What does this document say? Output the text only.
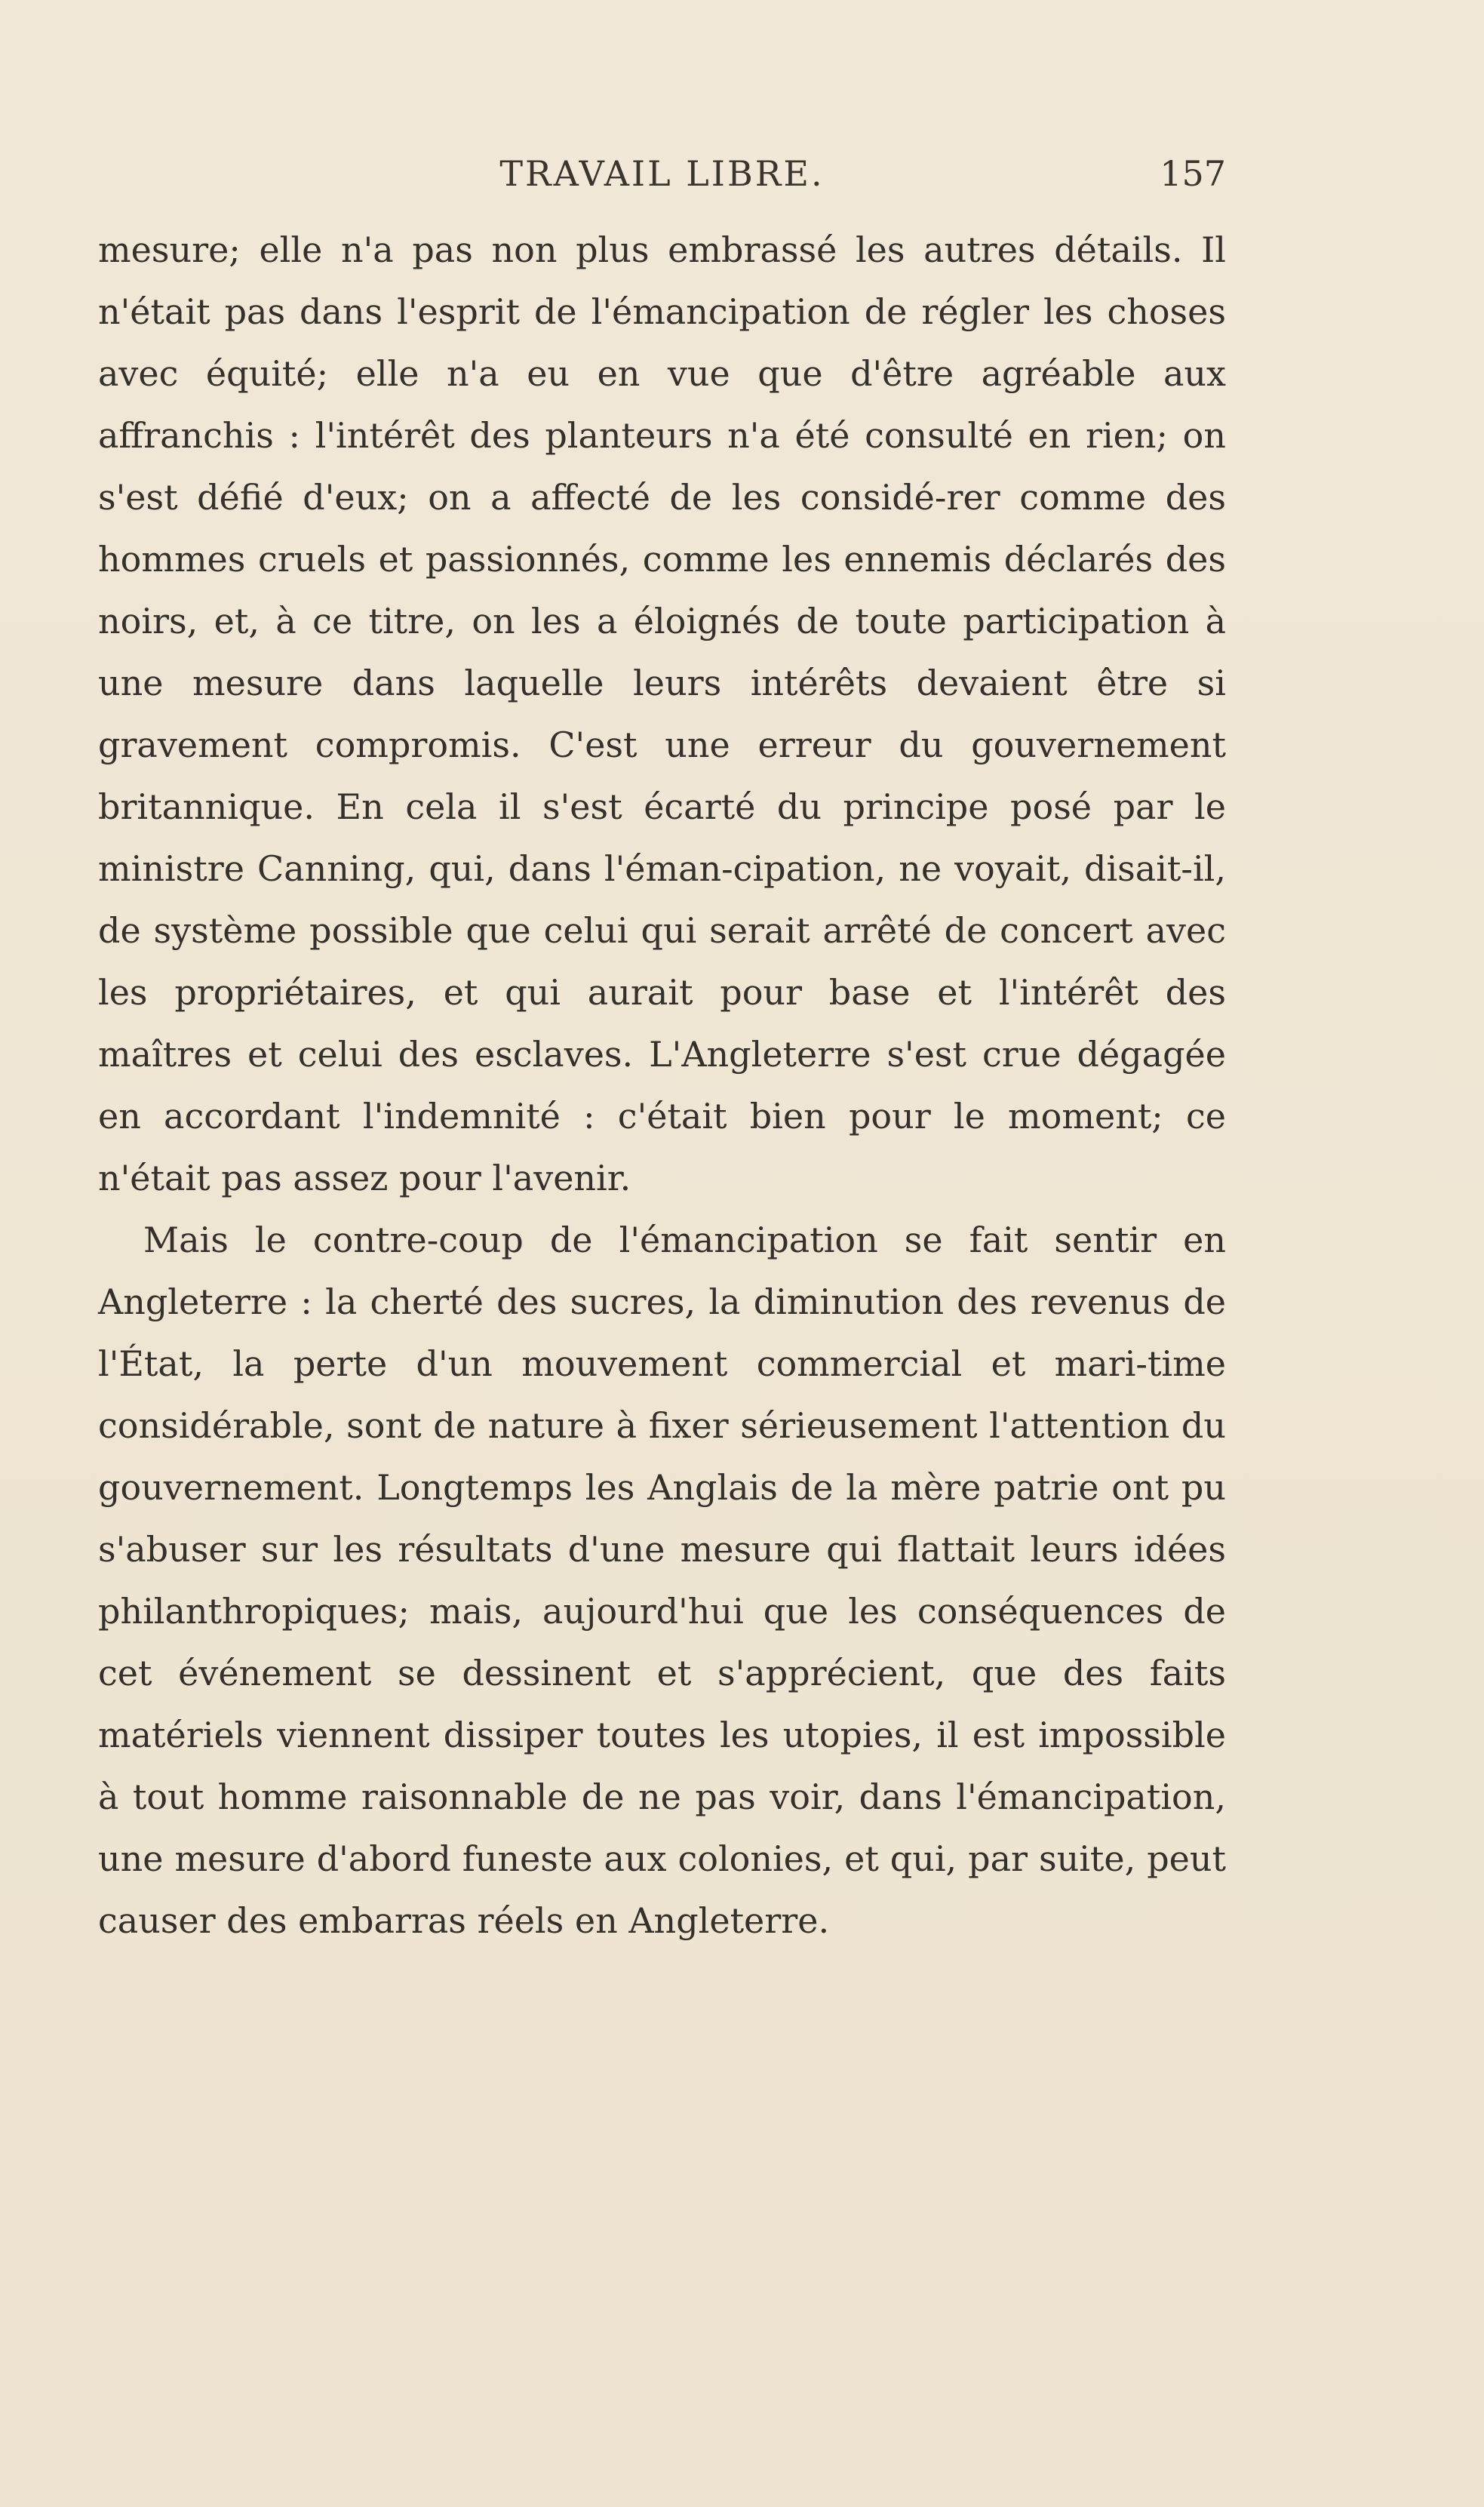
TRAVAIL LIBRE.	157

mesure; elle n'a pas non plus embrassé les autres détails. Il n'était pas dans l'esprit de l'émancipation de régler les choses avec équité; elle n'a eu en vue que d'être agréable aux affranchis : l'intérêt des planteurs n'a été consulté en rien; on s'est défié d'eux; on a affecté de les considé-rer comme des hommes cruels et passionnés, comme les ennemis déclarés des noirs, et, à ce titre, on les a éloignés de toute participation à une mesure dans laquelle leurs intérêts devaient être si gravement compromis. C'est une erreur du gouvernement britannique. En cela il s'est écarté du principe posé par le ministre Canning, qui, dans l'éman-cipation, ne voyait, disait-il, de système possible que celui qui serait arrêté de concert avec les propriétaires, et qui aurait pour base et l'intérêt des maîtres et celui des esclaves. L'Angleterre s'est crue dégagée en accordant l'indemnité : c'était bien pour le moment; ce n'était pas assez pour l'avenir.

Mais le contre-coup de l'émancipation se fait sentir en Angleterre : la cherté des sucres, la diminution des revenus de l'État, la perte d'un mouvement commercial et mari-time considérable, sont de nature à fixer sérieusement l'attention du gouvernement. Longtemps les Anglais de la mère patrie ont pu s'abuser sur les résultats d'une mesure qui flattait leurs idées philanthropiques; mais, aujourd'hui que les conséquences de cet événement se dessinent et s'apprécient, que des faits matériels viennent dissiper toutes les utopies, il est impossible à tout homme raisonnable de ne pas voir, dans l'émancipation, une mesure d'abord funeste aux colonies, et qui, par suite, peut causer des embarras réels en Angleterre.
